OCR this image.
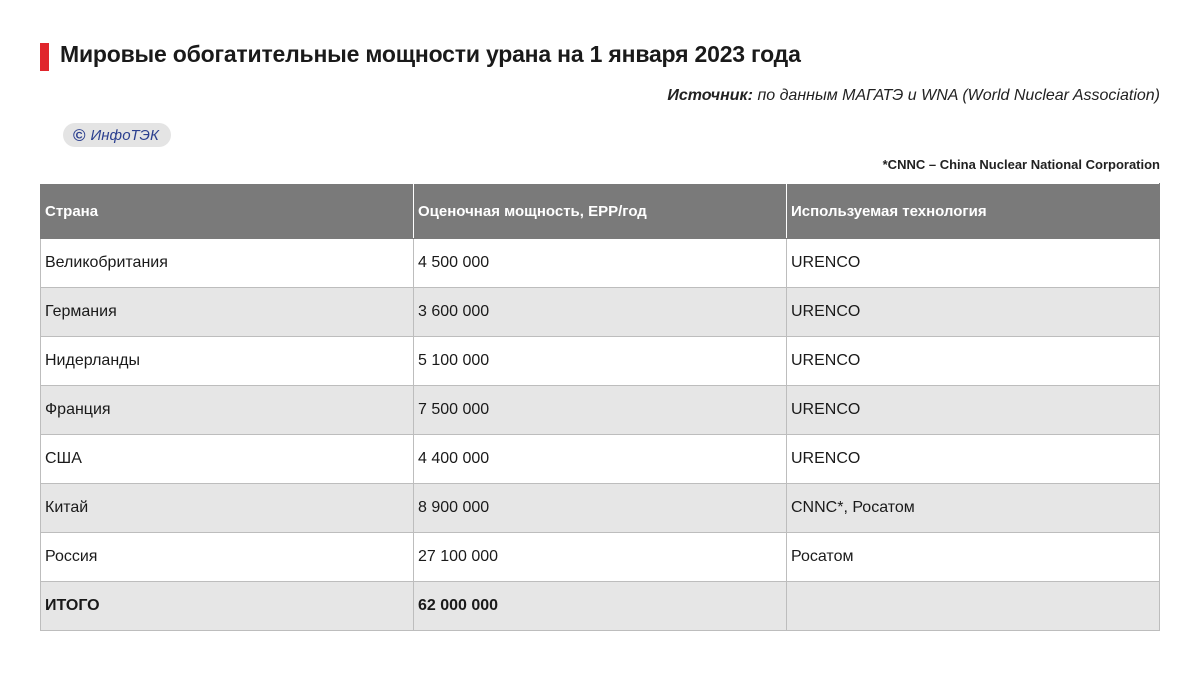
Мировые обогатительные мощности урана на 1 января 2023 года
Источник: по данным МАГАТЭ и WNA (World Nuclear Association)
© ИнфоТЭК
*CNNC – China Nuclear National Corporation
Страна	Оценочная мощность, ЕРР/год	Используемая технология
Великобритания	4 500 000	URENCO
Германия	3 600 000	URENCO
Нидерланды	5 100 000	URENCO
Франция	7 500 000	URENCO
США	4 400 000	URENCO
Китай	8 900 000	CNNC*, Росатом
Россия	27 100 000	Росатом
ИТОГО	62 000 000	
